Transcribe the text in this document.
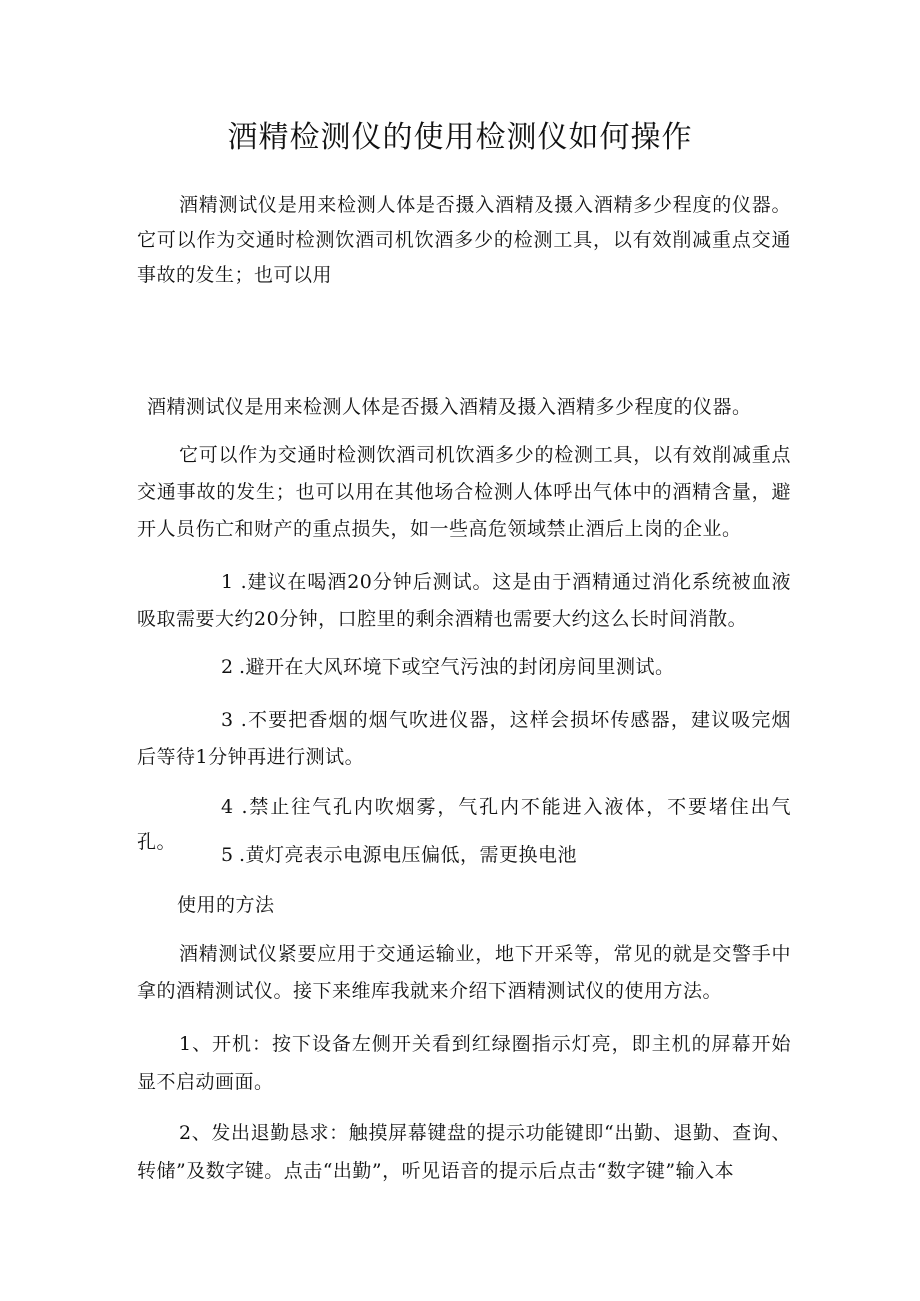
酒精检测仪的使用检测仪如何操作

酒精测试仪是用来检测人体是否摄入酒精及摄入酒精多少程度的仪器。它可以作为交通时检测饮酒司机饮酒多少的检测工具，以有效削减重点交通事故的发生；也可以用

酒精测试仪是用来检测人体是否摄入酒精及摄入酒精多少程度的仪器。

它可以作为交通时检测饮酒司机饮酒多少的检测工具，以有效削减重点交通事故的发生；也可以用在其他场合检测人体呼出气体中的酒精含量，避开人员伤亡和财产的重点损失，如一些高危领域禁止酒后上岗的企业。

1 .建议在喝酒20分钟后测试。这是由于酒精通过消化系统被血液吸取需要大约20分钟，口腔里的剩余酒精也需要大约这么长时间消散。

2 .避开在大风环境下或空气污浊的封闭房间里测试。

3 .不要把香烟的烟气吹进仪器，这样会损坏传感器，建议吸完烟后等待1分钟再进行测试。

4 .禁止往气孔内吹烟雾，气孔内不能进入液体，不要堵住出气孔。

5 .黄灯亮表示电源电压偏低，需更换电池

使用的方法

酒精测试仪紧要应用于交通运输业，地下开采等，常见的就是交警手中拿的酒精测试仪。接下来维库我就来介绍下酒精测试仪的使用方法。

1、开机：按下设备左侧开关看到红绿圈指示灯亮，即主机的屏幕开始显不启动画面。

2、发出退勤恳求：触摸屏幕键盘的提示功能键即“出勤、退勤、查询、转储”及数字键。点击“出勤”，听见语音的提示后点击“数字键”输入本
